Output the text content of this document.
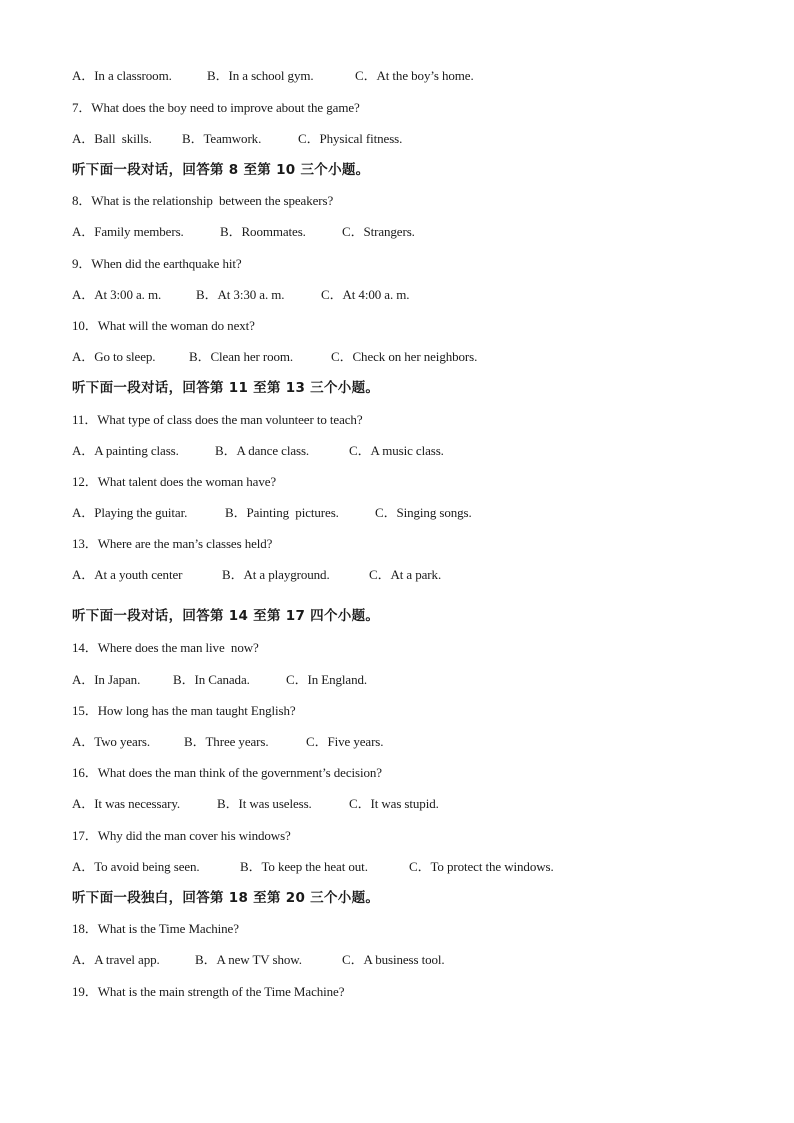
A．In a classroom.	B．In a school gym.	C．At the boy’s home.
7．What does the boy need to improve about the game?
A．Ball  skills. B．Teamwork.	C．Physical fitness.
听下面一段对话，回答第 8 至第 10 三个小题。
8．What is the relationship  between the speakers?
A．Family members.	B．Roommates.	C．Strangers.
9．When did the earthquake hit?
A．At 3:00 a. m.	B．At 3:30 a. m.	C．At 4:00 a. m.
10．What will the woman do next?
A．Go to sleep.	B．Clean her room.	C．Check on her neighbors.
听下面一段对话，回答第 11 至第 13 三个小题。
11．What type of class does the man volunteer to teach?
A．A painting class.	B．A dance class.	C．A music class.
12．What talent does the woman have?
A．Playing the guitar.	B．Painting  pictures.	C．Singing songs.
13．Where are the man’s classes held?
A．At a youth center	B．At a playground.	C．At a park.
听下面一段对话，回答第 14 至第 17 四个小题。
14．Where does the man live  now?
A．In Japan.	B．In Canada.	C．In England.
15．How long has the man taught English?
A．Two years.	B．Three years.	C．Five years.
16．What does the man think of the government’s decision?
A．It was necessary.	B．It was useless.	C．It was stupid.
17．Why did the man cover his windows?
A．To avoid being seen.	B．To keep the heat out.	C．To protect the windows.
听下面一段独白，回答第 18 至第 20 三个小题。
18．What is the Time Machine?
A．A travel app.	B．A new TV show.	C．A business tool.
19．What is the main strength of the Time Machine?
